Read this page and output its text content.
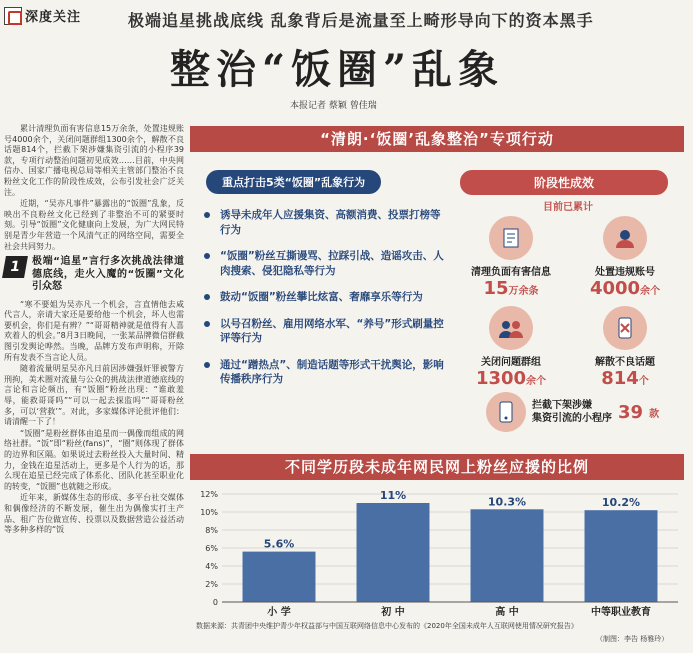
深度关注	极端追星挑战底线 乱象背后是流量至上畸形导向下的资本黑手
整治“饭圈”乱象
本报记者 蔡颖 曾佳瑞

累计清理负面有害信息15万余条，处置违规账号4000余个，关闭问题群组1300余个，解散不良话题814个，拦截下架涉嫌集资引流的小程序39款，专项行动整治问题初见成效……目前，中央网信办、国家广播电视总局等相关主管部门整治不良粉丝文化工作的阶段性成效，公布引发社会广泛关注。

近期，“吴亦凡事件”暴露出的“饭圈”乱象，反映出不良粉丝文化已经到了非整治不可的紧要时刻。引导“饭圈”文化健康向上发展，为广大网民特别是青少年营造一个风清气正的网络空间，需要全社会共同努力。

1	极端“追星”言行多次挑战法律道德底线，走火入魔的“饭圈”文化引众怒

“寒不要姐为吴亦凡一个机会，言直情他去咸代言人，亲请大家还是要给他一个机会，坏人也需要机会，你们是有辨？”“哥哥精神就是值得有人喜欢着人的机会。”8月3日晚间，一张某品牌微信群截图引发舆论哗然。当晚，品牌方发布声明称，开除所有发表不当言论人员。

随着流量明星吴亦凡日前因涉嫌强奸罪被警方刑拘，美术圈对流量与公众的挑战法律道德底线的言论和言论频出，有“饭圈”粉丝出现：“谁敢羞辱，能救哥哥吗”“可以一起去探监吗”“哥哥粉丝多，可以‘营救’”。对此，多家媒体评论批评他们：请清醒一下了！

“饭圈”是粉丝群体由追星而一偶像而组成的网络社群。“饭”即“粉丝(fans)”，“圈”则体现了群体的边界和区隔。如果说过去粉丝投入大量时间、精力，金钱在追星活动上，更多是个人行为的话，那么现在追星已经完成了体系化、团队化甚至职业化的转变，“饭圈”也就随之形成。

近年来，新媒体生态的形成、多平台社交媒体和偶像经济的不断发展，催生出为偶像实打主产品、租广告位做宣传、投票以及数据营造公益活动等多种多样的“饭

“清朗·‘饭圈’乱象整治”专项行动
重点打击5类“饭圈”乱象行为
诱导未成年人应援集资、高额消费、投票打榜等行为
“饭圈”粉丝互撕谩骂、拉踩引战、造谣攻击、人肉搜索、侵犯隐私等行为
鼓动“饭圈”粉丝攀比炫富、奢靡享乐等行为
以号召粉丝、雇用网络水军、“养号”形式刷量控评等行为
通过“蹭热点”、制造话题等形式干扰舆论，影响传播秩序行为
阶段性成效
目前已累计
清理负面有害信息
15万余条
处置违规账号
4000余个
关闭问题群组
1300余个
解散不良话题
814个
拦截下架涉嫌
集资引流的小程序 39 款
不同学历段未成年网民网上粉丝应援的比例
0
2%
4%
6%
8%
10%
12%
5.6%
小 学
11%
初 中
10.3%
高 中
10.2%
中等职业教育
数据来源：共青团中央维护青少年权益部与中国互联网络信息中心发布的《2020年全国未成年人互联网使用情况研究报告》
（制图：李告 杨雅玲）
